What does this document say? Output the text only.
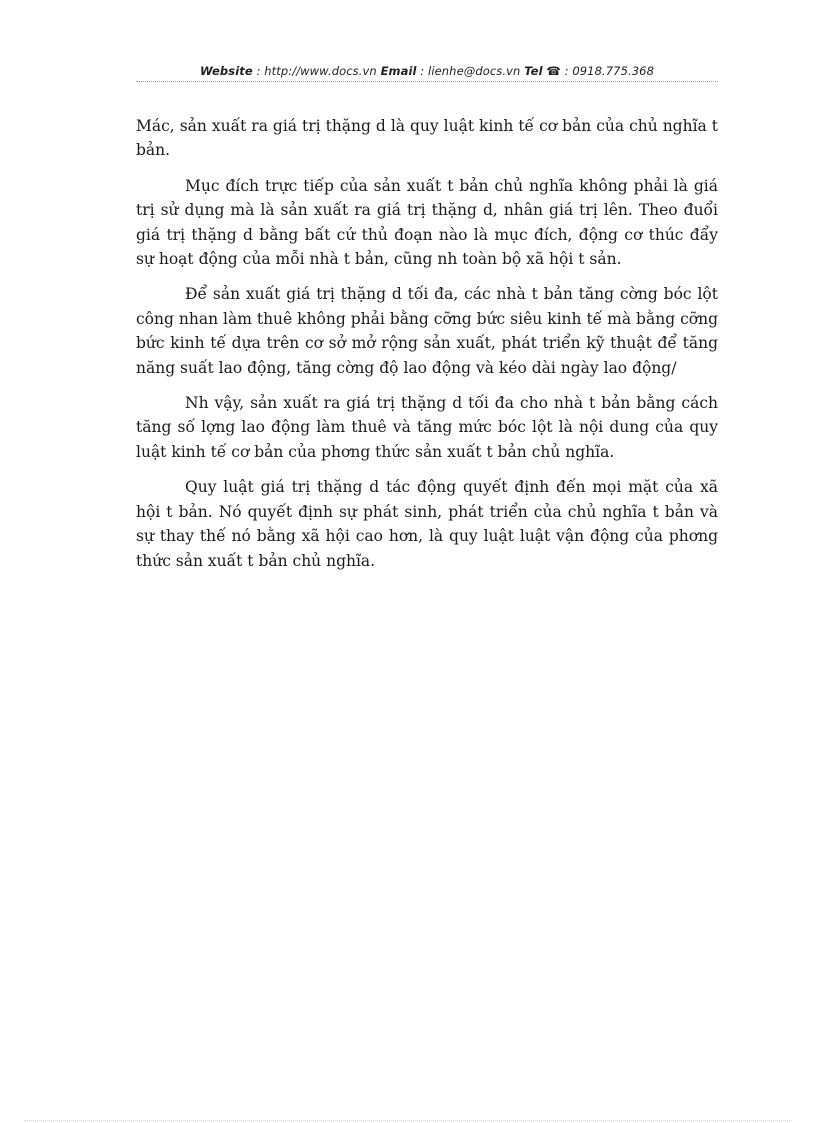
Website : http://www.docs.vn Email : lienhe@docs.vn Tel ☎ : 0918.775.368

Mác, sản xuất ra giá trị thặng d là quy luật kinh tế cơ bản của chủ nghĩa t bản.

Mục đích trực tiếp của sản xuất t bản chủ nghĩa không phải là giá trị sử dụng mà là sản xuất ra giá trị thặng d, nhân giá trị lên. Theo đuổi giá trị thặng d bằng bất cứ thủ đoạn nào là mục đích, động cơ thúc đẩy sự hoạt động của mỗi nhà t bản, cũng nh toàn bộ xã hội t sản.

Để sản xuất giá trị thặng d tối đa, các nhà t bản tăng cờng bóc lột công nhan làm thuê không phải bằng cỡng bức siêu kinh tế mà bằng cỡng bức kinh tế dựa trên cơ sở mở rộng sản xuất, phát triển kỹ thuật để tăng năng suất lao động, tăng cờng độ lao động và kéo dài ngày lao động/

Nh vậy, sản xuất ra giá trị thặng d tối đa cho nhà t bản bằng cách tăng số lợng lao động làm thuê và tăng mức bóc lột là nội dung của quy luật kinh tế cơ bản của phơng thức sản xuất t bản chủ nghĩa.

Quy luật giá trị thặng d tác động quyết định đến mọi mặt của xã hội t bản. Nó quyết định sự phát sinh, phát triển của chủ nghĩa t bản và sự thay thế nó bằng xã hội cao hơn, là quy luật luật vận động của phơng thức sản xuất t bản chủ nghĩa.
